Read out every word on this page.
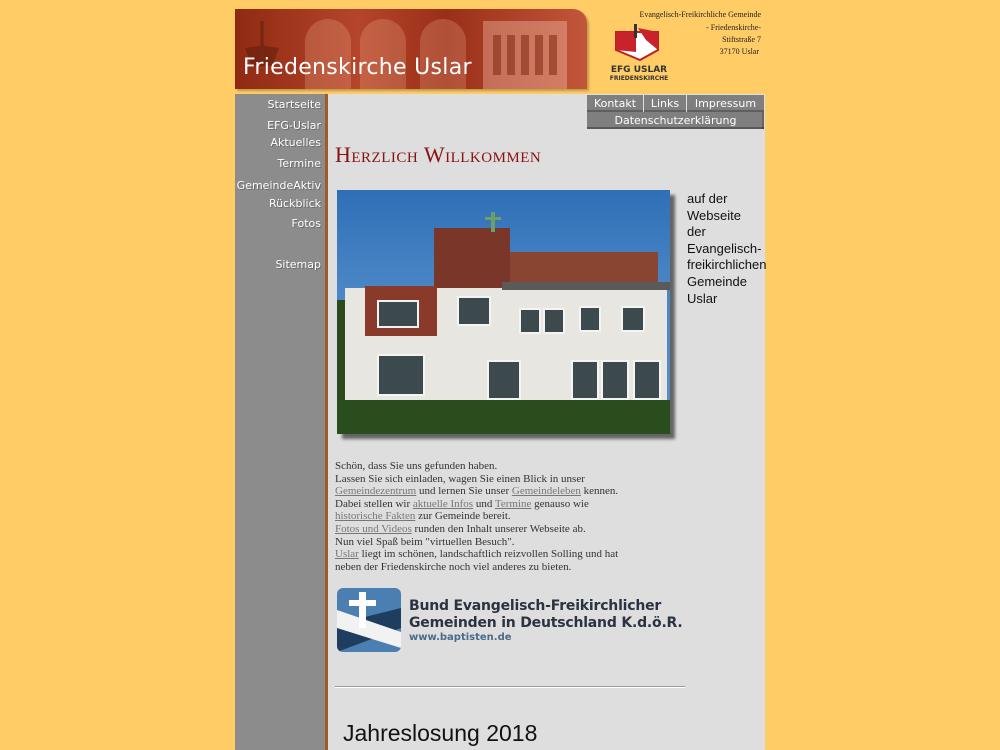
Friedenskirche Uslar	EFG USLAR
FRIEDENSKIRCHE
Evangelisch-Freikirchliche Gemeinde
- Friedenskirche-
Stiftstraße 7
37170 Uslar
Startseite
EFG-Uslar
Aktuelles
Termine
GemeindeAktiv
Rückblick
Fotos
Sitemap
Kontakt	Links	Impressum
Datenschutzerklärung
Herzlich Willkommen
auf der
Webseite
der
Evangelisch-
freikirchlichen
Gemeinde
Uslar
Schön, dass Sie uns gefunden haben.
Lassen Sie sich einladen, wagen Sie einen Blick in unser
Gemeindezentrum und lernen Sie unser Gemeindeleben kennen.
Dabei stellen wir aktuelle Infos und Termine genauso wie
historische Fakten zur Gemeinde bereit.
Fotos und Videos runden den Inhalt unserer Webseite ab.
Nun viel Spaß beim "virtuellen Besuch".
Uslar liegt im schönen, landschaftlich reizvollen Solling und hat
neben der Friedenskirche noch viel anderes zu bieten.
Bund Evangelisch-Freikirchlicher
Gemeinden in Deutschland K.d.ö.R.
www.baptisten.de
Jahreslosung 2018
